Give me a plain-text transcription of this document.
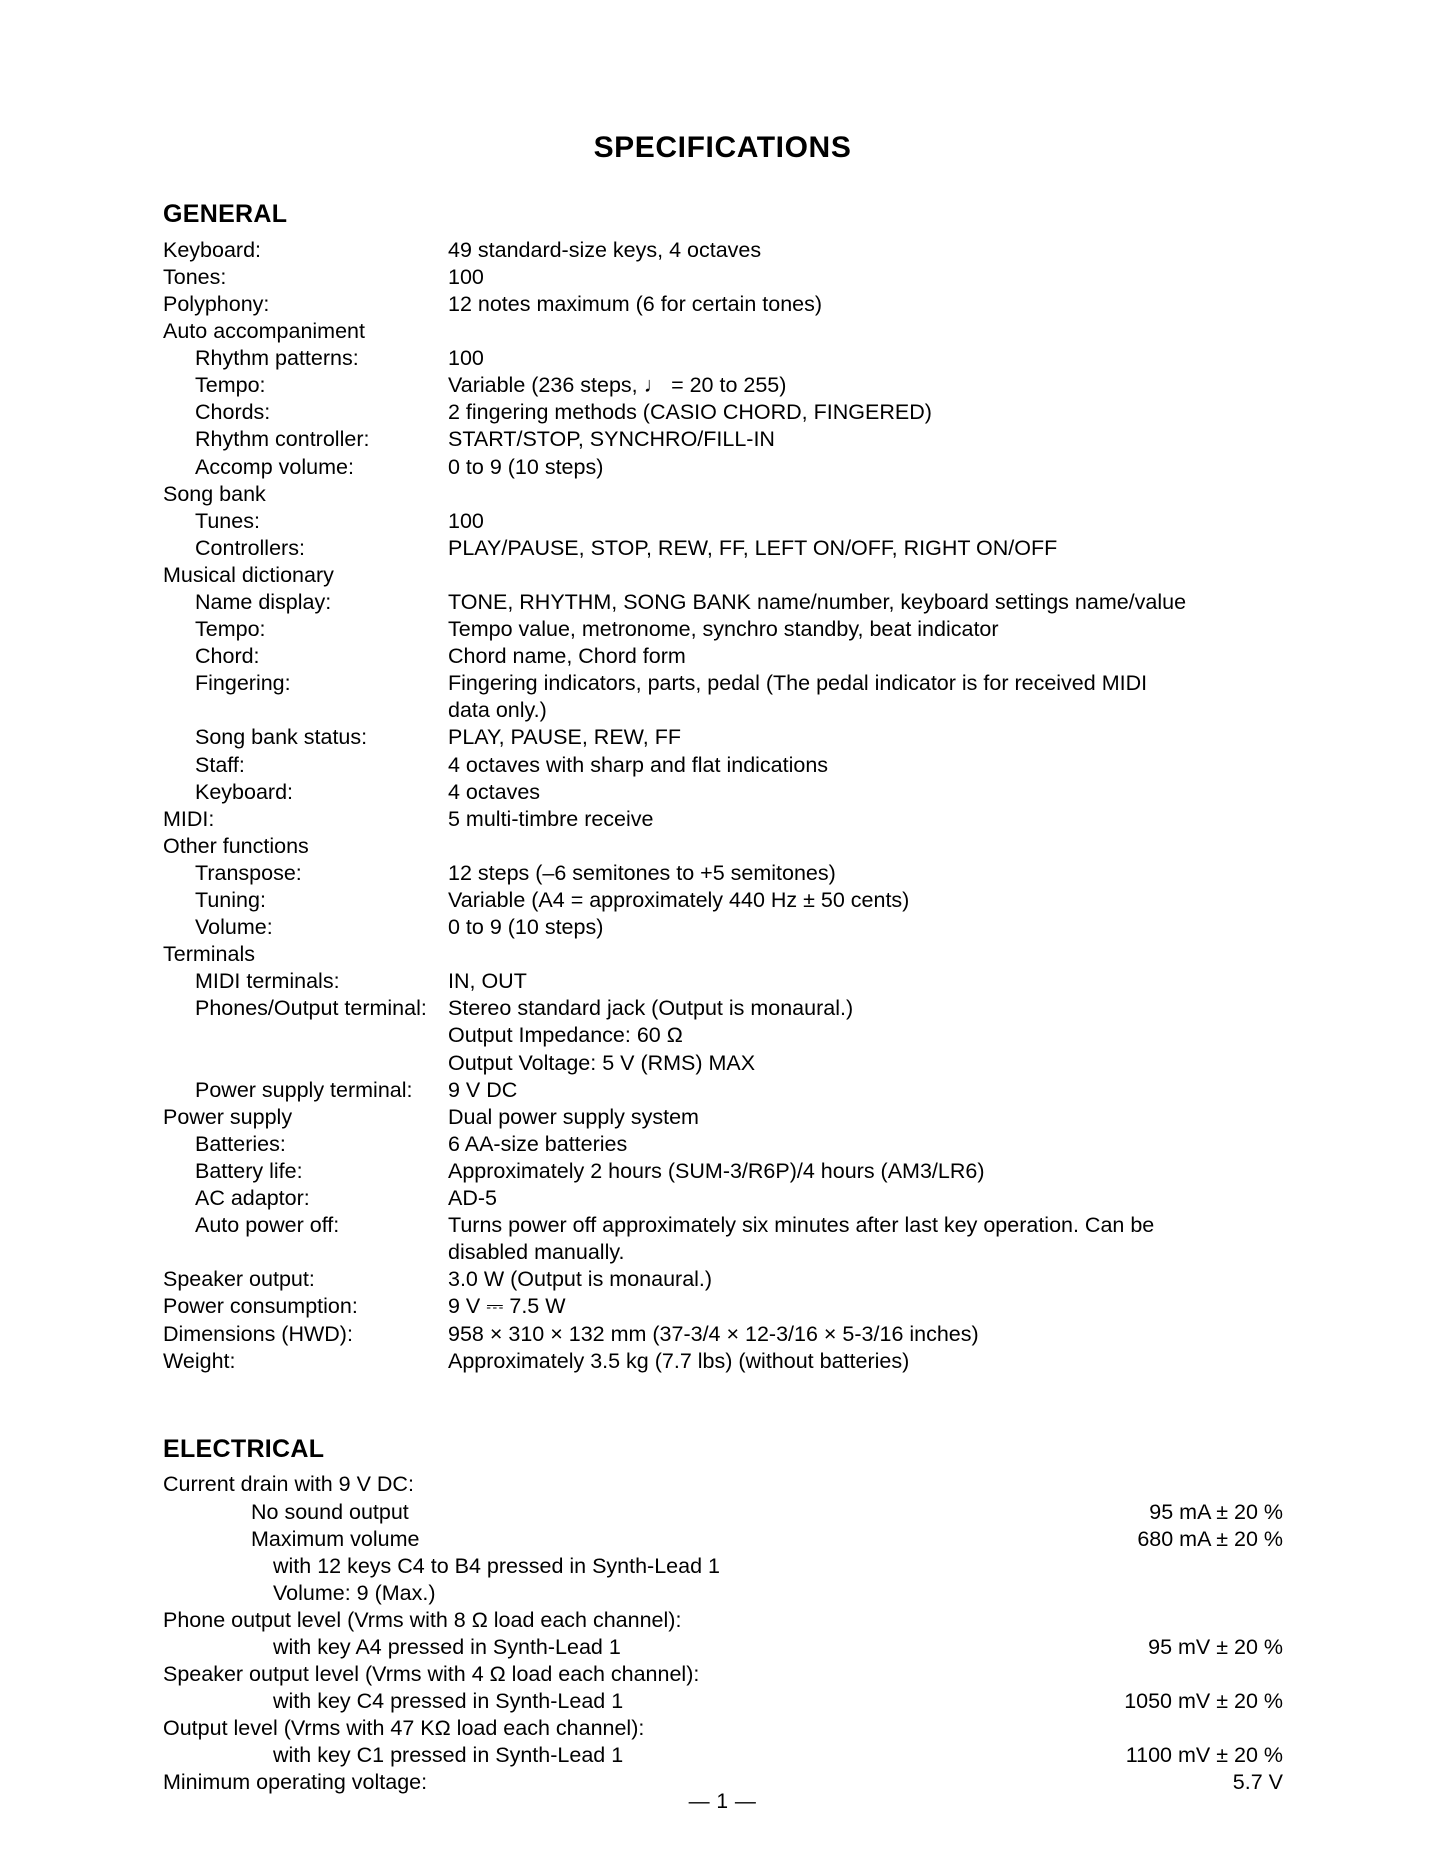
SPECIFICATIONS
GENERAL
Keyboard:	49 standard-size keys, 4 octaves
Tones:	100
Polyphony:	12 notes maximum (6 for certain tones)
Auto accompaniment
Rhythm patterns:	100
Tempo:	Variable (236 steps, ♩ = 20 to 255)
Chords:	2 fingering methods (CASIO CHORD, FINGERED)
Rhythm controller:	START/STOP, SYNCHRO/FILL-IN
Accomp volume:	0 to 9 (10 steps)
Song bank
Tunes:	100
Controllers:	PLAY/PAUSE, STOP, REW, FF, LEFT ON/OFF, RIGHT ON/OFF
Musical dictionary
Name display:	TONE, RHYTHM, SONG BANK name/number, keyboard settings name/value
Tempo:	Tempo value, metronome, synchro standby, beat indicator
Chord:	Chord name, Chord form
Fingering:	Fingering indicators, parts, pedal (The pedal indicator is for received MIDI
data only.)
Song bank status:	PLAY, PAUSE, REW, FF
Staff:	4 octaves with sharp and flat indications
Keyboard:	4 octaves
MIDI:	5 multi-timbre receive
Other functions
Transpose:	12 steps (–6 semitones to +5 semitones)
Tuning:	Variable (A4 = approximately 440 Hz ± 50 cents)
Volume:	0 to 9 (10 steps)
Terminals
MIDI terminals:	IN, OUT
Phones/Output terminal: Stereo standard jack (Output is monaural.)
Output Impedance: 60 Ω
Output Voltage: 5 V (RMS) MAX
Power supply terminal:	9 V DC
Power supply	Dual power supply system
Batteries:	6 AA-size batteries
Battery life:	Approximately 2 hours (SUM-3/R6P)/4 hours (AM3/LR6)
AC adaptor:	AD-5
Auto power off:	Turns power off approximately six minutes after last key operation. Can be
disabled manually.
Speaker output:	3.0 W (Output is monaural.)
Power consumption:	9 V ⎓ 7.5 W
Dimensions (HWD):	958 × 310 × 132 mm (37-3/4 × 12-3/16 × 5-3/16 inches)
Weight:	Approximately 3.5 kg (7.7 lbs) (without batteries)
ELECTRICAL
Current drain with 9 V DC:
No sound output	95 mA ± 20 %
Maximum volume	680 mA ± 20 %
with 12 keys C4 to B4 pressed in Synth-Lead 1
Volume: 9 (Max.)
Phone output level (Vrms with 8 Ω load each channel):
with key A4 pressed in Synth-Lead 1	95 mV ± 20 %
Speaker output level (Vrms with 4 Ω load each channel):
with key C4 pressed in Synth-Lead 1	1050 mV ± 20 %
Output level (Vrms with 47 KΩ load each channel):
with key C1 pressed in Synth-Lead 1	1100 mV ± 20 %
Minimum operating voltage:	5.7 V
— 1 —
